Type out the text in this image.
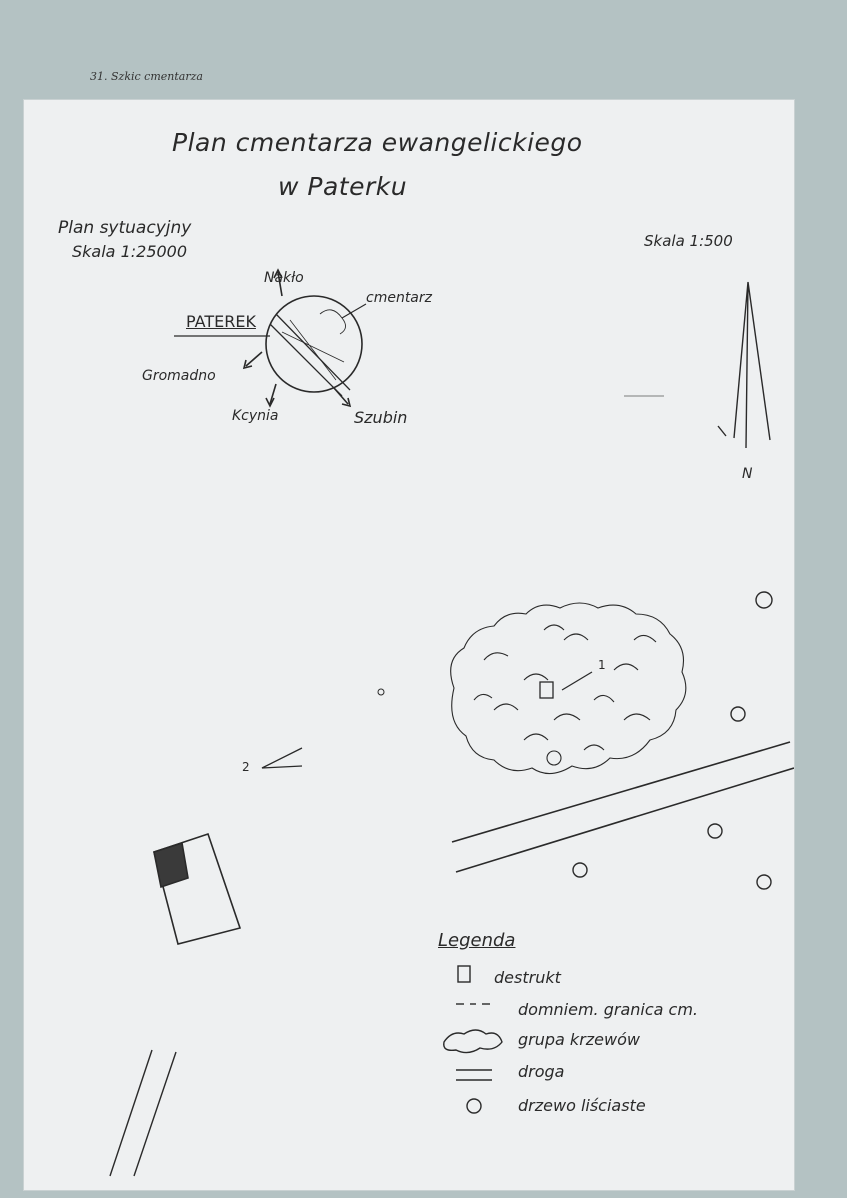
31. Szkic cmentarza
Plan cmentarza ewangelickiego
w Paterku
Plan sytuacyjny
Skala 1:25000
Skala 1:500
PATEREK
Nakło
cmentarz
Gromadno
Kcynia	Szubin
N
1
2
Legenda
destrukt
domniem. granica cm.
grupa krzewów
droga
drzewo liściaste
